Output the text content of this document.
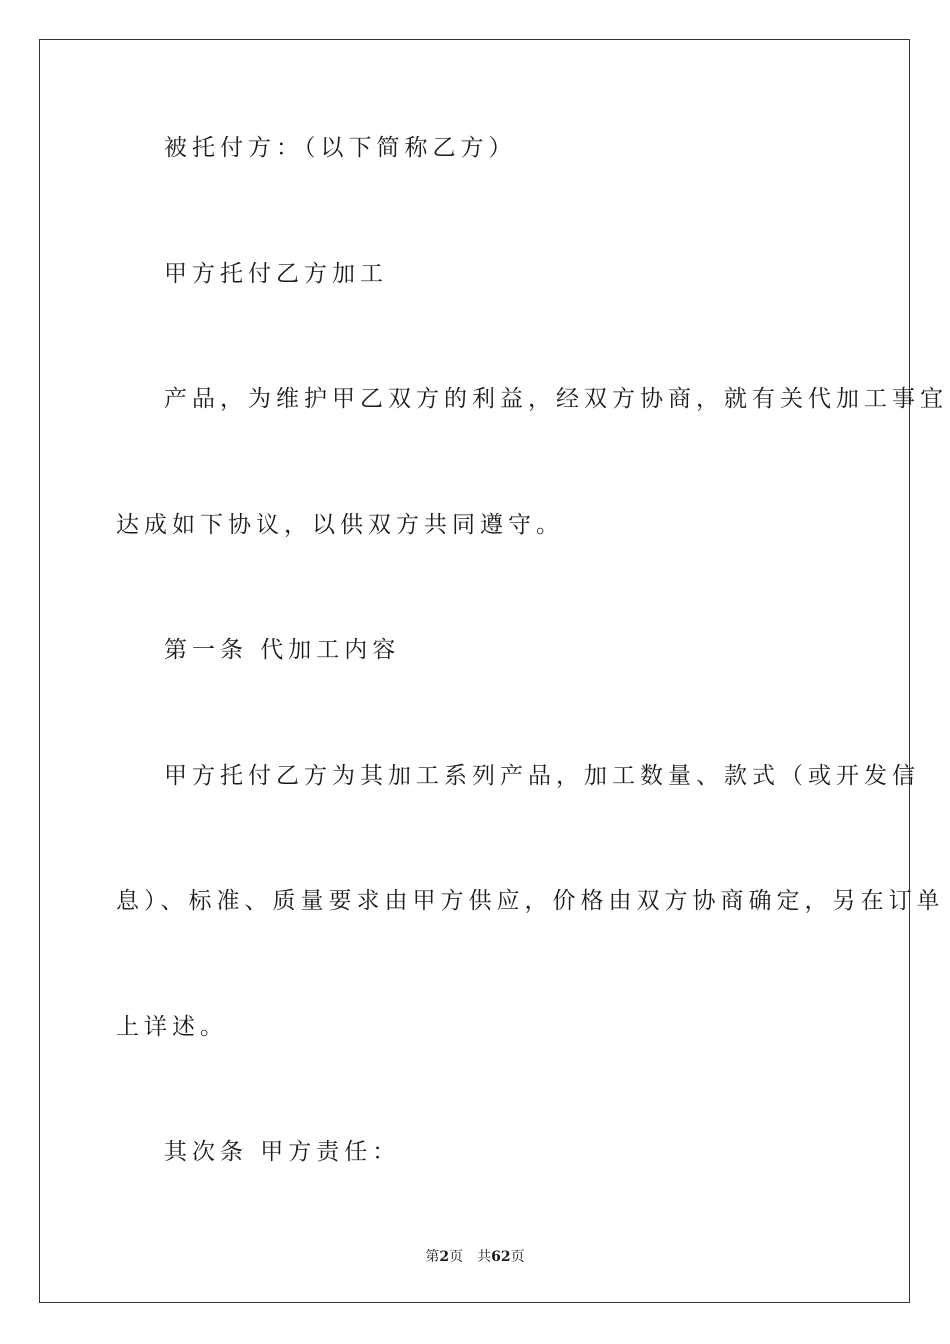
被托付方：（以下简称乙方）
甲方托付乙方加工
产品，为维护甲乙双方的利益，经双方协商，就有关代加工事宜
达成如下协议，以供双方共同遵守。
第一条 代加工内容
甲方托付乙方为其加工系列产品，加工数量、款式（或开发信
息）、标准、质量要求由甲方供应，价格由双方协商确定，另在订单
上详述。
其次条 甲方责任：
第2页 共62页
